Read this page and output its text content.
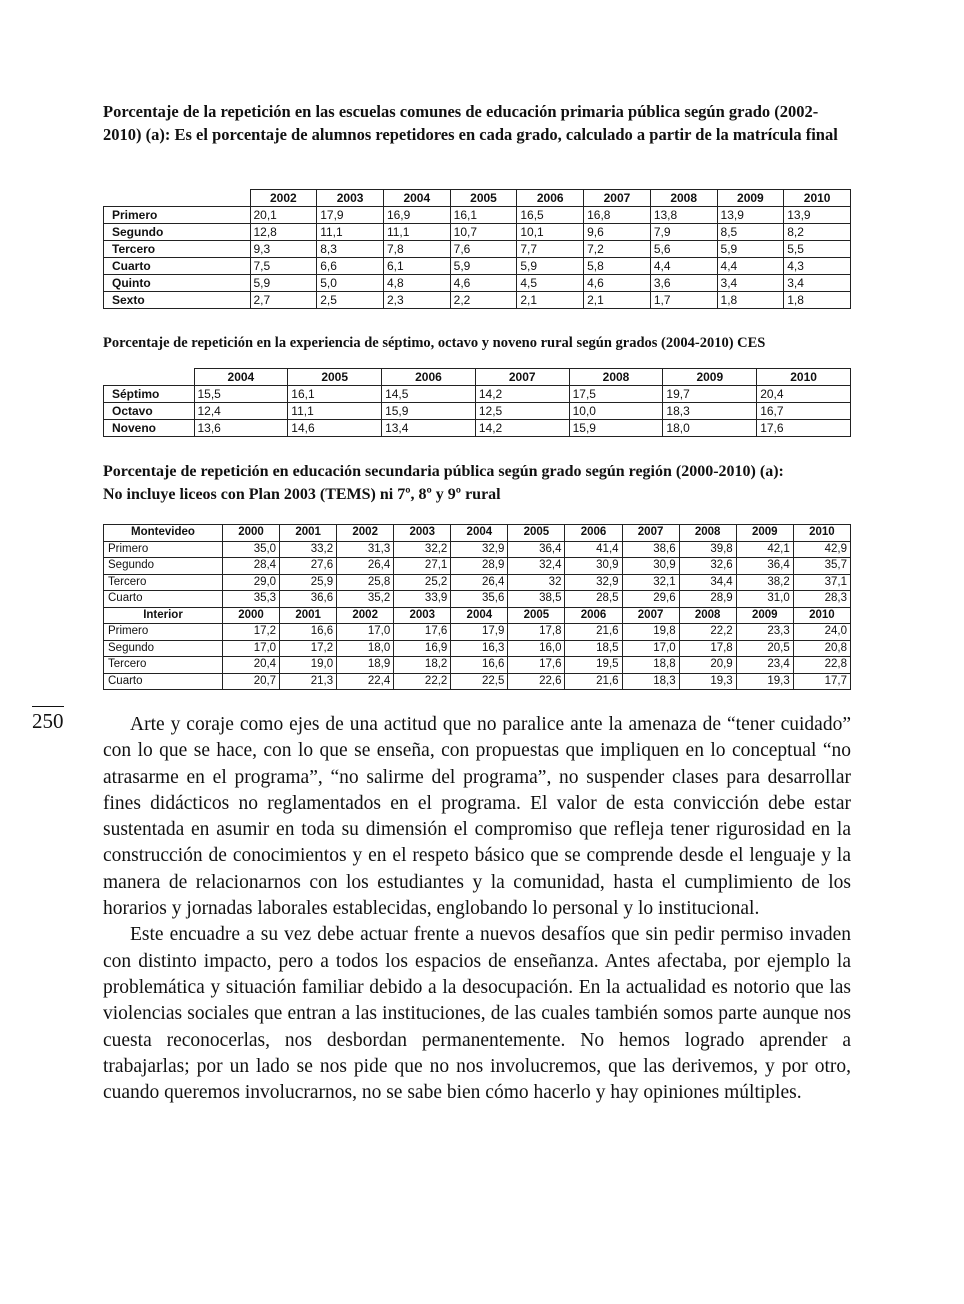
Porcentaje de la repetición en las escuelas comunes de educación primaria pública según grado (2002-2010) (a): Es el porcentaje de alumnos repetidores en cada grado, calculado a partir de la matrícula final

	2002	2003	2004	2005	2006	2007	2008	2009	2010
Primero	20,1	17,9	16,9	16,1	16,5	16,8	13,8	13,9	13,9
Segundo	12,8	11,1	11,1	10,7	10,1	9,6	7,9	8,5	8,2
Tercero	9,3	8,3	7,8	7,6	7,7	7,2	5,6	5,9	5,5
Cuarto	7,5	6,6	6,1	5,9	5,9	5,8	4,4	4,4	4,3
Quinto	5,9	5,0	4,8	4,6	4,5	4,6	3,6	3,4	3,4
Sexto	2,7	2,5	2,3	2,2	2,1	2,1	1,7	1,8	1,8

Porcentaje de repetición en la experiencia de séptimo, octavo y noveno rural según grados (2004-2010) CES

	2004	2005	2006	2007	2008	2009	2010
Séptimo	15,5	16,1	14,5	14,2	17,5	19,7	20,4
Octavo	12,4	11,1	15,9	12,5	10,0	18,3	16,7
Noveno	13,6	14,6	13,4	14,2	15,9	18,0	17,6

Porcentaje de repetición en educación secundaria pública según grado según región (2000-2010) (a):
No incluye liceos con Plan 2003 (TEMS) ni 7º, 8º y 9º rural

Montevideo	2000	2001	2002	2003	2004	2005	2006	2007	2008	2009	2010
Primero	35,0	33,2	31,3	32,2	32,9	36,4	41,4	38,6	39,8	42,1	42,9
Segundo	28,4	27,6	26,4	27,1	28,9	32,4	30,9	30,9	32,6	36,4	35,7
Tercero	29,0	25,9	25,8	25,2	26,4	32	32,9	32,1	34,4	38,2	37,1
Cuarto	35,3	36,6	35,2	33,9	35,6	38,5	28,5	29,6	28,9	31,0	28,3
Interior	2000	2001	2002	2003	2004	2005	2006	2007	2008	2009	2010
Primero	17,2	16,6	17,0	17,6	17,9	17,8	21,6	19,8	22,2	23,3	24,0
Segundo	17,0	17,2	18,0	16,9	16,3	16,0	18,5	17,0	17,8	20,5	20,8
Tercero	20,4	19,0	18,9	18,2	16,6	17,6	19,5	18,8	20,9	23,4	22,8
Cuarto	20,7	21,3	22,4	22,2	22,5	22,6	21,6	18,3	19,3	19,3	17,7
250	Arte y coraje como ejes de una actitud que no paralice ante la amenaza de “tener cuidado” con lo que se hace, con lo que se enseña, con propuestas que impliquen en lo conceptual “no atrasarme en el programa”, “no salirme del programa”, no suspender clases para desarrollar fines didácticos no reglamentados en el programa. El valor de esta convicción debe estar sustentada en asumir en toda su dimensión el compromiso que refleja tener rigurosidad en la construcción de conocimientos y en el respeto básico que se comprende desde el lenguaje y la manera de relacionarnos con los estudiantes y la comunidad, hasta el cumplimiento de los horarios y jornadas laborales establecidas, englobando lo personal y lo institucional.

Este encuadre a su vez debe actuar frente a nuevos desafíos que sin pedir permiso invaden con distinto impacto, pero a todos los espacios de enseñanza. Antes afectaba, por ejemplo la problemática y situación familiar debido a la desocupación. En la actualidad es notorio que las violencias sociales que entran a las instituciones, de las cuales también somos parte aunque nos cuesta reconocerlas, nos desbordan permanentemente. No hemos logrado aprender a trabajarlas; por un lado se nos pide que no nos involucremos, que las derivemos, y por otro, cuando queremos involucrarnos, no se sabe bien cómo hacerlo y hay opiniones múltiples.
